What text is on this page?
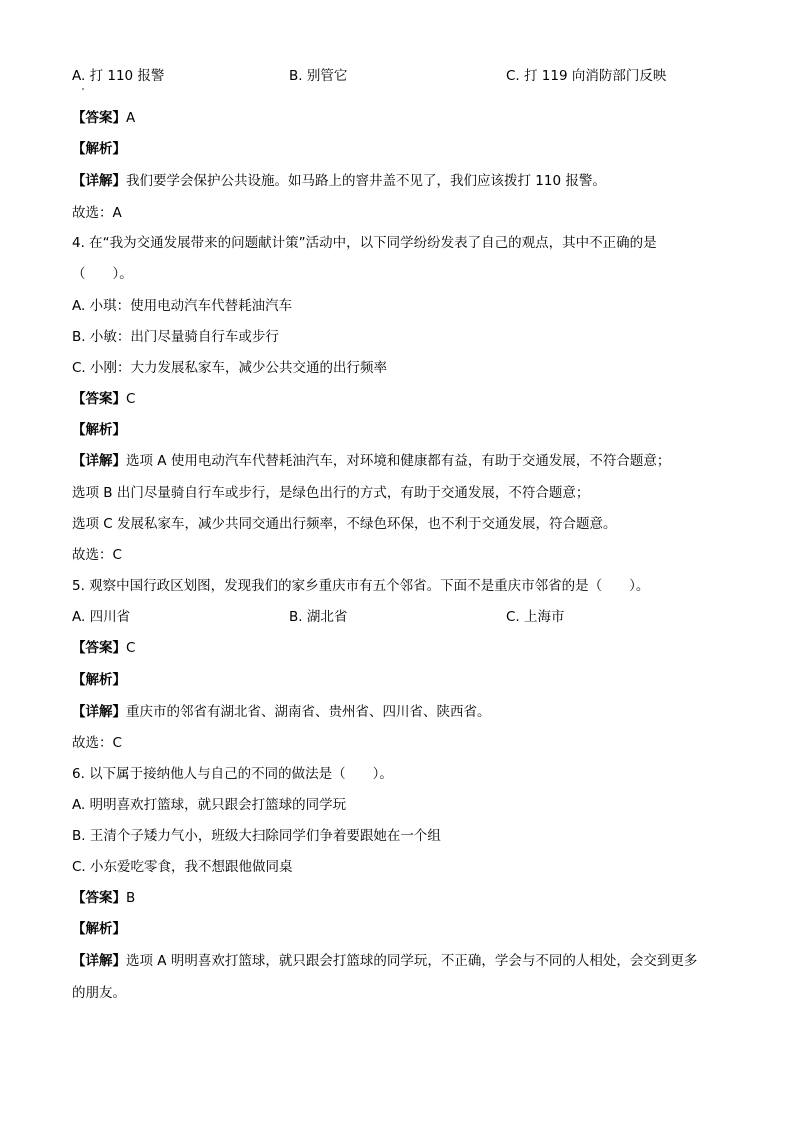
A. 打 110 报警	B. 别管它	C. 打 119 向消防部门反映
【答案】A
【解析】
【详解】我们要学会保护公共设施。如马路上的窨井盖不见了，我们应该拨打 110 报警。
故选：A
4. 在“我为交通发展带来的问题献计策”活动中，以下同学纷纷发表了自己的观点，其中不正确的是
（　　）。
A. 小琪：使用电动汽车代替耗油汽车
B. 小敏：出门尽量骑自行车或步行
C. 小刚：大力发展私家车，减少公共交通的出行频率
【答案】C
【解析】
【详解】选项 A 使用电动汽车代替耗油汽车，对环境和健康都有益，有助于交通发展，不符合题意；
选项 B 出门尽量骑自行车或步行，是绿色出行的方式，有助于交通发展，不符合题意；
选项 C 发展私家车，减少共同交通出行频率，不绿色环保，也不利于交通发展，符合题意。
故选：C
5. 观察中国行政区划图，发现我们的家乡重庆市有五个邻省。下面不是重庆市邻省的是（　　）。
A. 四川省	B. 湖北省	C. 上海市
【答案】C
【解析】
【详解】重庆市的邻省有湖北省、湖南省、贵州省、四川省、陕西省。
故选：C
6. 以下属于接纳他人与自己的不同的做法是（　　）。
A. 明明喜欢打篮球，就只跟会打篮球的同学玩
B. 王清个子矮力气小，班级大扫除同学们争着要跟她在一个组
C. 小东爱吃零食，我不想跟他做同桌
【答案】B
【解析】
【详解】选项 A 明明喜欢打篮球，就只跟会打篮球的同学玩，不正确，学会与不同的人相处，会交到更多
的朋友。
